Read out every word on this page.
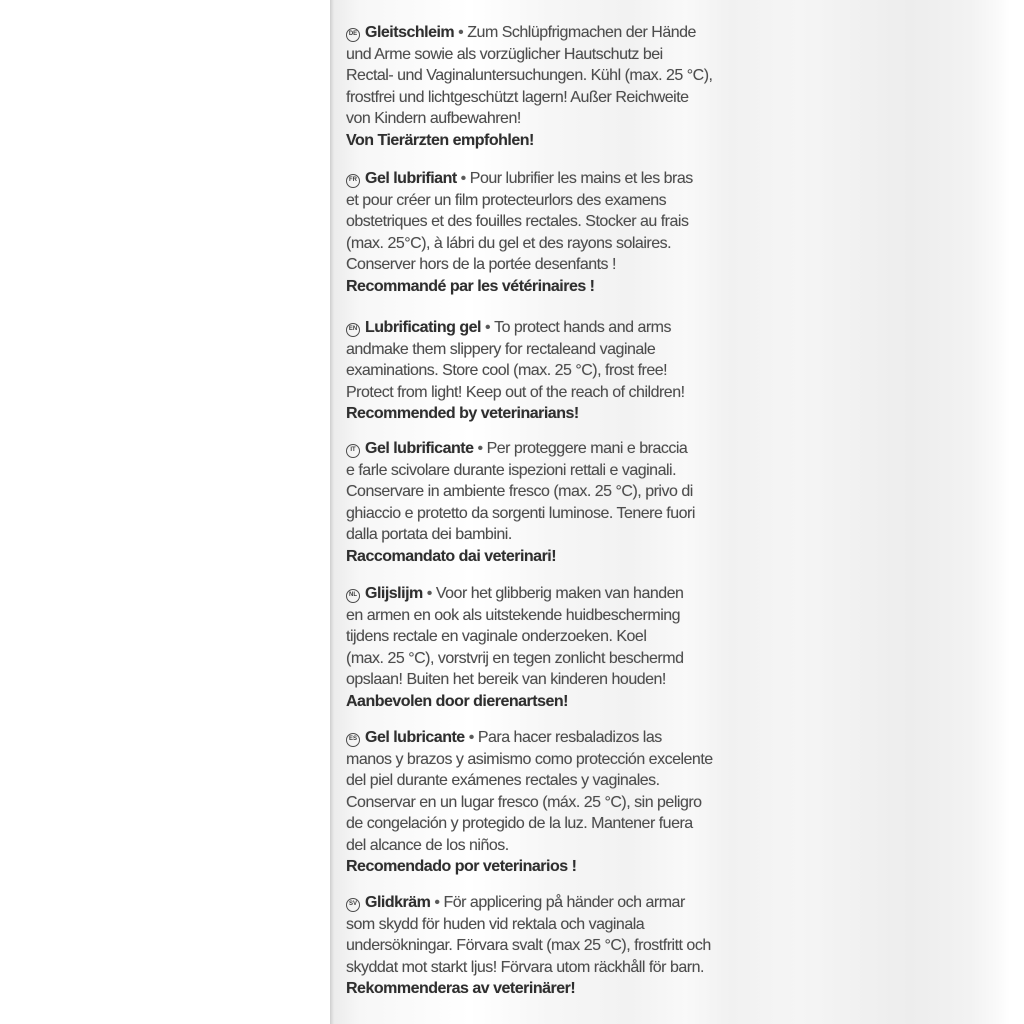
DE Gleitschleim • Zum Schlüpfrigmachen der Hände
und Arme sowie als vorzüglicher Hautschutz bei
Rectal- und Vaginaluntersuchungen. Kühl (max. 25 °C),
frostfrei und lichtgeschützt lagern! Außer Reichweite
von Kindern aufbewahren!
Von Tierärzten empfohlen!
FR Gel lubrifiant • Pour lubrifier les mains et les bras
et pour créer un film protecteurlors des examens
obstetriques et des fouilles rectales. Stocker au frais
(max. 25°C), à lábri du gel et des rayons solaires.
Conserver hors de la portée desenfants !
Recommandé par les vétérinaires !
EN Lubrificating gel • To protect hands and arms
andmake them slippery for rectaleand vaginale
examinations. Store cool (max. 25 °C), frost free!
Protect from light! Keep out of the reach of children!
Recommended by veterinarians!
IT Gel lubrificante • Per proteggere mani e braccia
e farle scivolare durante ispezioni rettali e vaginali.
Conservare in ambiente fresco (max. 25 °C), privo di
ghiaccio e protetto da sorgenti luminose. Tenere fuori
dalla portata dei bambini.
Raccomandato dai veterinari!
NL Glijslijm • Voor het glibberig maken van handen
en armen en ook als uitstekende huidbescherming
tijdens rectale en vaginale onderzoeken. Koel
(max. 25 °C), vorstvrij en tegen zonlicht beschermd
opslaan! Buiten het bereik van kinderen houden!
Aanbevolen door dierenartsen!
ES Gel lubricante • Para hacer resbaladizos las
manos y brazos y asimismo como protección excelente
del piel durante exámenes rectales y vaginales.
Conservar en un lugar fresco (máx. 25 °C), sin peligro
de congelación y protegido de la luz. Mantener fuera
del alcance de los niños.
Recomendado por veterinarios !
SV Glidkräm • För applicering på händer och armar
som skydd för huden vid rektala och vaginala
undersökningar. Förvara svalt (max 25 °C), frostfritt och
skyddat mot starkt ljus! Förvara utom räckhåll för barn.
Rekommenderas av veterinärer!
